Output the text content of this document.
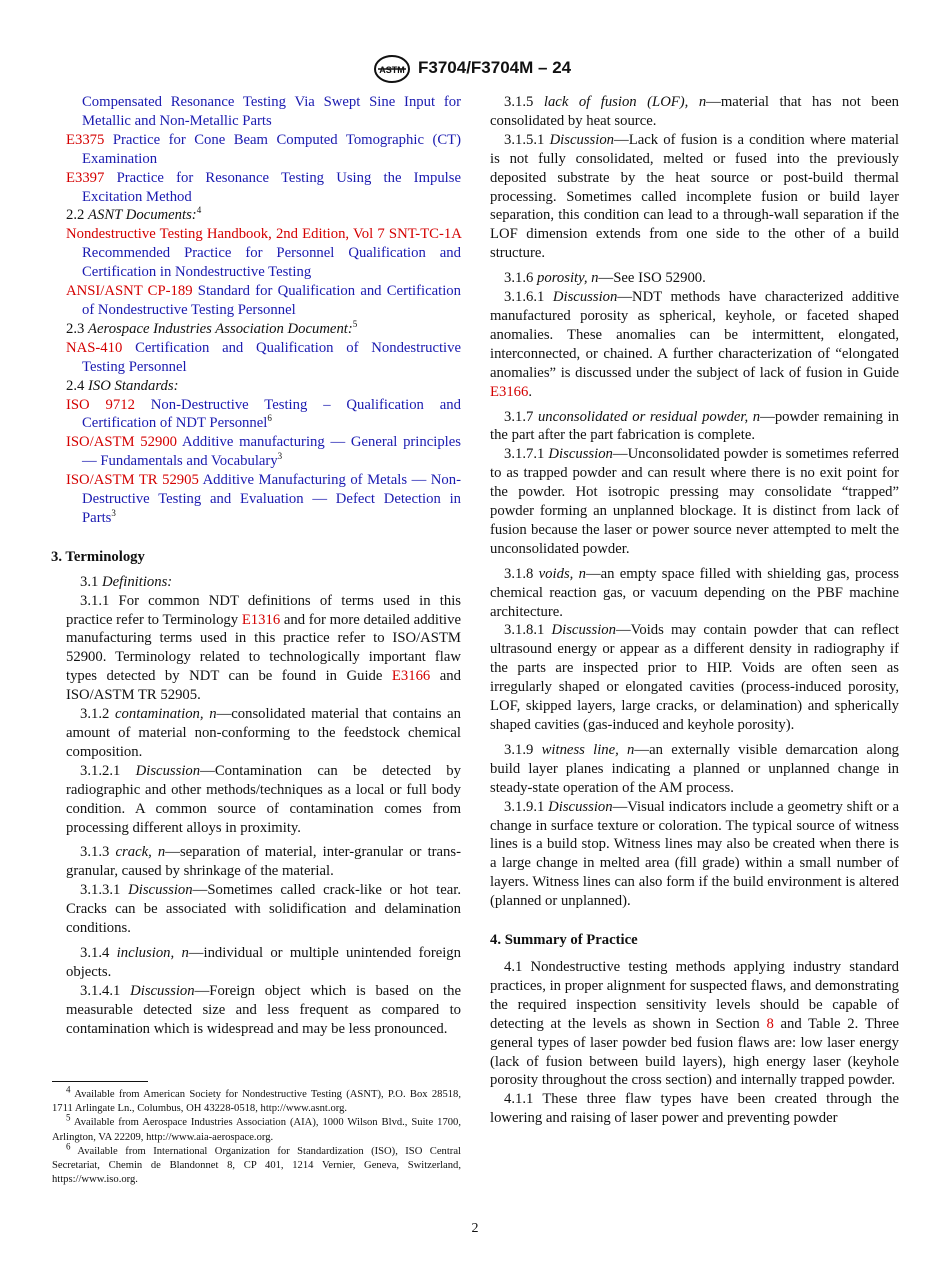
ASTM F3704/F3704M – 24

Compensated Resonance Testing Via Swept Sine Input for Metallic and Non-Metallic Parts

E3375 Practice for Cone Beam Computed Tomographic (CT) Examination

E3397 Practice for Resonance Testing Using the Impulse Excitation Method

2.2 ASNT Documents:$^4$

Nondestructive Testing Handbook, 2nd Edition, Vol 7 SNT-TC-1A Recommended Practice for Personnel Qualification and Certification in Nondestructive Testing

ANSI/ASNT CP-189 Standard for Qualification and Certification of Nondestructive Testing Personnel

2.3 Aerospace Industries Association Document:$^5$

NAS-410 Certification and Qualification of Nondestructive Testing Personnel

2.4 ISO Standards:

ISO 9712 Non-Destructive Testing – Qualification and Certification of NDT Personnel$^6$

ISO/ASTM 52900 Additive manufacturing — General principles — Fundamentals and Vocabulary$^3$

ISO/ASTM TR 52905 Additive Manufacturing of Metals — Non-Destructive Testing and Evaluation — Defect Detection in Parts$^3$

3. Terminology

3.1 Definitions:

3.1.1 For common NDT definitions of terms used in this practice refer to Terminology E1316 and for more detailed additive manufacturing terms used in this practice refer to ISO/ASTM 52900. Terminology related to technologically important flaw types detected by NDT can be found in Guide E3166 and ISO/ASTM TR 52905.

3.1.2 contamination, n—consolidated material that contains an amount of material non-conforming to the feedstock chemical composition.

3.1.2.1 Discussion—Contamination can be detected by radiographic and other methods/techniques as a local or full body condition. A common source of contamination comes from processing different alloys in proximity.

3.1.3 crack, n—separation of material, inter-granular or trans-granular, caused by shrinkage of the material.

3.1.3.1 Discussion—Sometimes called crack-like or hot tear. Cracks can be associated with solidification and delamination conditions.

3.1.4 inclusion, n—individual or multiple unintended foreign objects.

3.1.4.1 Discussion—Foreign object which is based on the measurable detected size and less frequent as compared to contamination which is widespread and may be less pronounced.

3.1.5 lack of fusion (LOF), n—material that has not been consolidated by heat source.

3.1.5.1 Discussion—Lack of fusion is a condition where material is not fully consolidated, melted or fused into the previously deposited substrate by the heat source or post-build thermal processing. Sometimes called incomplete fusion or build layer separation, this condition can lead to a through-wall separation if the LOF dimension extends from one side to the other of a build structure.

3.1.6 porosity, n—See ISO 52900.

3.1.6.1 Discussion—NDT methods have characterized additive manufactured porosity as spherical, keyhole, or faceted shaped anomalies. These anomalies can be intermittent, elongated, interconnected, or chained. A further characterization of “elongated anomalies” is discussed under the subject of lack of fusion in Guide E3166.

3.1.7 unconsolidated or residual powder, n—powder remaining in the part after the part fabrication is complete.

3.1.7.1 Discussion—Unconsolidated powder is sometimes referred to as trapped powder and can result where there is no exit point for the powder. Hot isotropic pressing may consolidate “trapped” powder forming an unplanned blockage. It is distinct from lack of fusion because the laser or power source never attempted to melt the unconsolidated powder.

3.1.8 voids, n—an empty space filled with shielding gas, process chemical reaction gas, or vacuum depending on the PBF machine architecture.

3.1.8.1 Discussion—Voids may contain powder that can reflect ultrasound energy or appear as a different density in radiography if the parts are inspected prior to HIP. Voids are often seen as irregularly shaped or elongated cavities (process-induced porosity, LOF, skipped layers, large cracks, or delamination) and spherically shaped cavities (gas-induced and keyhole porosity).

3.1.9 witness line, n—an externally visible demarcation along build layer planes indicating a planned or unplanned change in steady-state operation of the AM process.

3.1.9.1 Discussion—Visual indicators include a geometry shift or a change in surface texture or coloration. The typical source of witness lines is a build stop. Witness lines may also be created when there is a large change in melted area (fill grade) within a small number of layers. Witness lines can also form if the build environment is altered (planned or unplanned).

4. Summary of Practice

4.1 Nondestructive testing methods applying industry standard practices, in proper alignment for suspected flaws, and demonstrating the required inspection sensitivity levels should be capable of detecting at the levels as shown in Section 8 and Table 2. Three general types of laser powder bed fusion flaws are: low laser energy (lack of fusion between build layers), high energy laser (keyhole porosity throughout the cross section) and internally trapped powder.

4.1.1 These three flaw types have been created through the lowering and raising of laser power and preventing powder

$^4$ Available from American Society for Nondestructive Testing (ASNT), P.O. Box 28518, 1711 Arlingate Ln., Columbus, OH 43228-0518, http://www.asnt.org.

$^5$ Available from Aerospace Industries Association (AIA), 1000 Wilson Blvd., Suite 1700, Arlington, VA 22209, http://www.aia-aerospace.org.

$^6$ Available from International Organization for Standardization (ISO), ISO Central Secretariat, Chemin de Blandonnet 8, CP 401, 1214 Vernier, Geneva, Switzerland, https://www.iso.org.

2
